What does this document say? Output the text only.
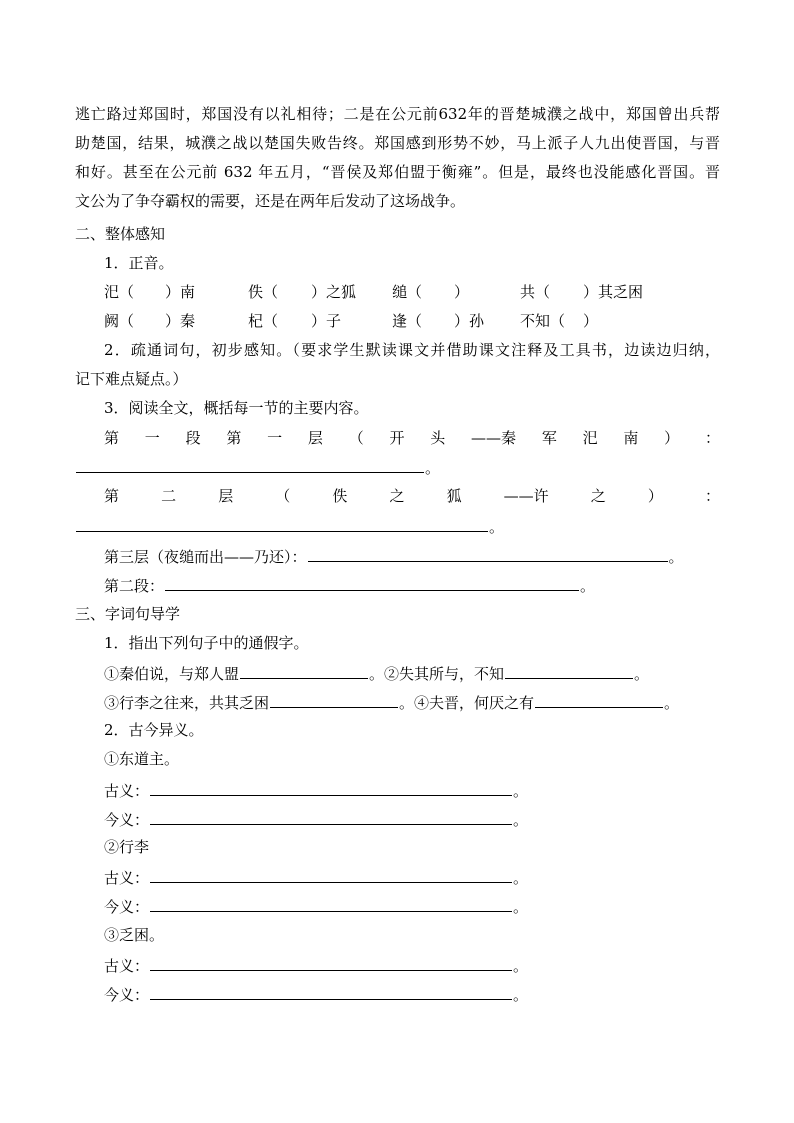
逃亡路过郑国时，郑国没有以礼相待；二是在公元前632年的晋楚城濮之战中，郑国曾出兵帮
助楚国，结果，城濮之战以楚国失败告终。郑国感到形势不妙，马上派子人九出使晋国，与晋
和好。甚至在公元前 632 年五月，“晋侯及郑伯盟于衡雍”。但是，最终也没能感化晋国。晋
文公为了争夺霸权的需要，还是在两年后发动了这场战争。
二、整体感知
1．正音。
汜（ ）南	佚（ ）之狐 缒（ ）	共（ ）其乏困
阙（ ）秦	杞（ ）子	逢（ ）孙 不知（ ）
2．疏通词句，初步感知。（要求学生默读课文并借助课文注释及工具书，边读边归纳，
记下难点疑点。）
3．阅读全文，概括每一节的主要内容。
第 一 段 第 一 层 （ 开 头 ——秦 军 汜 南 ） ：
。
第	二	层	（	佚	之	狐	——许	之	）	：
。
第三层（夜缒而出——乃还）：	。
第二段：	。
三、字词句导学
1．指出下列句子中的通假字。
①秦伯说，与郑人盟	。②失其所与，不知	。
③行李之往来，共其乏困	。④夫晋，何厌之有	。
2．古今异义。
①东道主。
古义：	。
今义：	。
②行李
古义：	。
今义：	。
③乏困。
古义：	。
今义：	。
